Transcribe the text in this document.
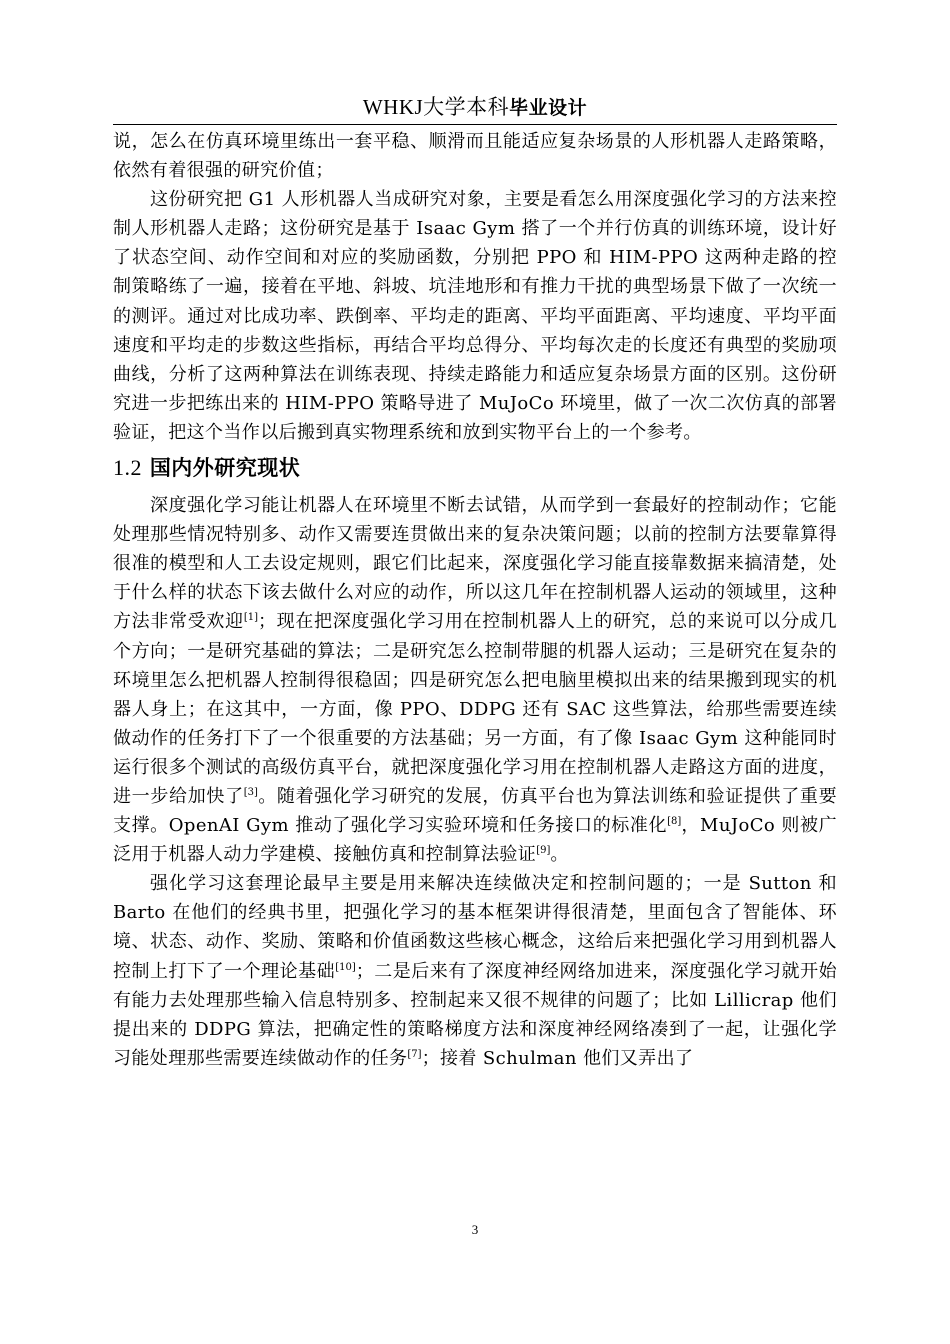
WHKJ大学本科毕业设计

说，怎么在仿真环境里练出一套平稳、顺滑而且能适应复杂场景的人形机器人走路策略，依然有着很强的研究价值；

这份研究把 G1 人形机器人当成研究对象，主要是看怎么用深度强化学习的方法来控制人形机器人走路；这份研究是基于 Isaac Gym 搭了一个并行仿真的训练环境，设计好了状态空间、动作空间和对应的奖励函数，分别把 PPO 和 HIM-PPO 这两种走路的控制策略练了一遍，接着在平地、斜坡、坑洼地形和有推力干扰的典型场景下做了一次统一的测评。通过对比成功率、跌倒率、平均走的距离、平均平面距离、平均速度、平均平面速度和平均走的步数这些指标，再结合平均总得分、平均每次走的长度还有典型的奖励项曲线，分析了这两种算法在训练表现、持续走路能力和适应复杂场景方面的区别。这份研究进一步把练出来的 HIM-PPO 策略导进了 MuJoCo 环境里，做了一次二次仿真的部署验证，把这个当作以后搬到真实物理系统和放到实物平台上的一个参考。

1.2 国内外研究现状

深度强化学习能让机器人在环境里不断去试错，从而学到一套最好的控制动作；它能处理那些情况特别多、动作又需要连贯做出来的复杂决策问题；以前的控制方法要靠算得很准的模型和人工去设定规则，跟它们比起来，深度强化学习能直接靠数据来搞清楚，处于什么样的状态下该去做什么对应的动作，所以这几年在控制机器人运动的领域里，这种方法非常受欢迎[1]；现在把深度强化学习用在控制机器人上的研究，总的来说可以分成几个方向；一是研究基础的算法；二是研究怎么控制带腿的机器人运动；三是研究在复杂的环境里怎么把机器人控制得很稳固；四是研究怎么把电脑里模拟出来的结果搬到现实的机器人身上；在这其中，一方面，像 PPO、DDPG 还有 SAC 这些算法，给那些需要连续做动作的任务打下了一个很重要的方法基础；另一方面，有了像 Isaac Gym 这种能同时运行很多个测试的高级仿真平台，就把深度强化学习用在控制机器人走路这方面的进度，进一步给加快了[3]。随着强化学习研究的发展，仿真平台也为算法训练和验证提供了重要支撑。OpenAI Gym 推动了强化学习实验环境和任务接口的标准化[8]，MuJoCo 则被广泛用于机器人动力学建模、接触仿真和控制算法验证[9]。

强化学习这套理论最早主要是用来解决连续做决定和控制问题的；一是 Sutton 和 Barto 在他们的经典书里，把强化学习的基本框架讲得很清楚，里面包含了智能体、环境、状态、动作、奖励、策略和价值函数这些核心概念，这给后来把强化学习用到机器人控制上打下了一个理论基础[10]；二是后来有了深度神经网络加进来，深度强化学习就开始有能力去处理那些输入信息特别多、控制起来又很不规律的问题了；比如 Lillicrap 他们提出来的 DDPG 算法，把确定性的策略梯度方法和深度神经网络凑到了一起，让强化学习能处理那些需要连续做动作的任务[7]；接着 Schulman 他们又弄出了

3
